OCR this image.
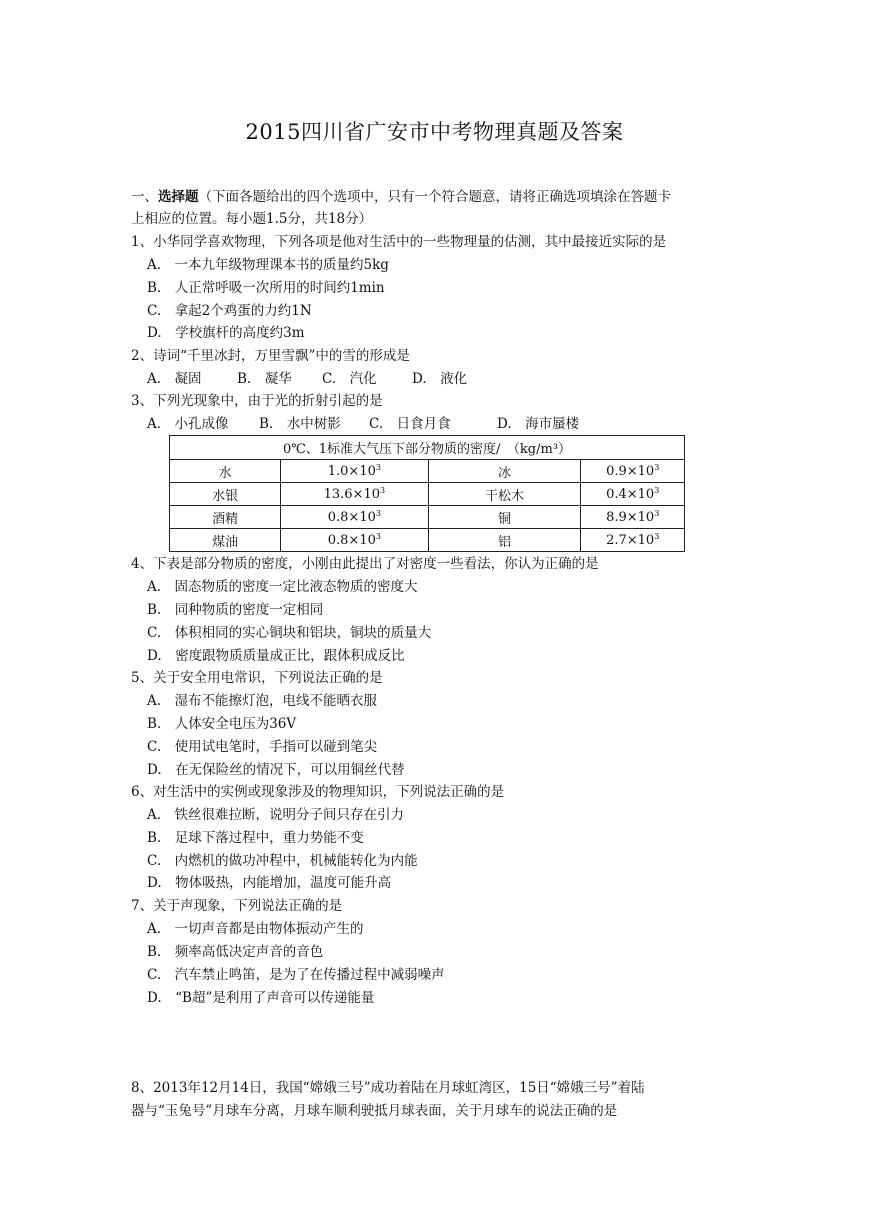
2015四川省广安市中考物理真题及答案
一、选择题（下面各题给出的四个选项中，只有一个符合题意，请将正确选项填涂在答题卡
上相应的位置。每小题1.5分，共18分）
1、小华同学喜欢物理，下列各项是他对生活中的一些物理量的估测，其中最接近实际的是
A.　一本九年级物理课本书的质量约5kg
B.　人正常呼吸一次所用的时间约1min
C.　拿起2个鸡蛋的力约1N
D.　学校旗杆的高度约3m
2、诗词“千里冰封，万里雪飘”中的雪的形成是
A.　凝固	B.　凝华 C.　汽化	D.　液化
3、下列光现象中，由于光的折射引起的是
A.　小孔成像 B.　水中树影 C.　日食月食	D.　海市蜃楼
0℃、1标准大气压下部分物质的密度/　（kg/m³）			
水	$1.0\times 10^3$	冰	$0.9\times 10^3$
水银	$13.6\times 10^3$	干松木	$0.4\times 10^3$
酒精	$0.8\times 10^3$	铜	$8.9\times 10^3$
煤油	$0.8\times 10^3$	铝	$2.7\times 10^3$
4、下表是部分物质的密度，小刚由此提出了对密度一些看法，你认为正确的是
A.　固态物质的密度一定比液态物质的密度大
B.　同种物质的密度一定相同
C.　体积相同的实心铜块和铝块，铜块的质量大
D.　密度跟物质质量成正比，跟体积成反比
5、关于安全用电常识，下列说法正确的是
A.　湿布不能擦灯泡，电线不能晒衣服
B.　人体安全电压为36V
C.　使用试电笔时，手指可以碰到笔尖
D.　在无保险丝的情况下，可以用铜丝代替
6、对生活中的实例或现象涉及的物理知识，下列说法正确的是
A.　铁丝很难拉断，说明分子间只存在引力
B.　足球下落过程中，重力势能不变
C.　内燃机的做功冲程中，机械能转化为内能
D.　物体吸热，内能增加，温度可能升高
7、关于声现象，下列说法正确的是
A.　一切声音都是由物体振动产生的
B.　频率高低决定声音的音色
C.　汽车禁止鸣笛，是为了在传播过程中减弱噪声
D.　“B超”是利用了声音可以传递能量
8、2013年12月14日，我国“嫦娥三号”成功着陆在月球虹湾区，15日“嫦娥三号”着陆
器与“玉兔号”月球车分离，月球车顺利驶抵月球表面，关于月球车的说法正确的是
